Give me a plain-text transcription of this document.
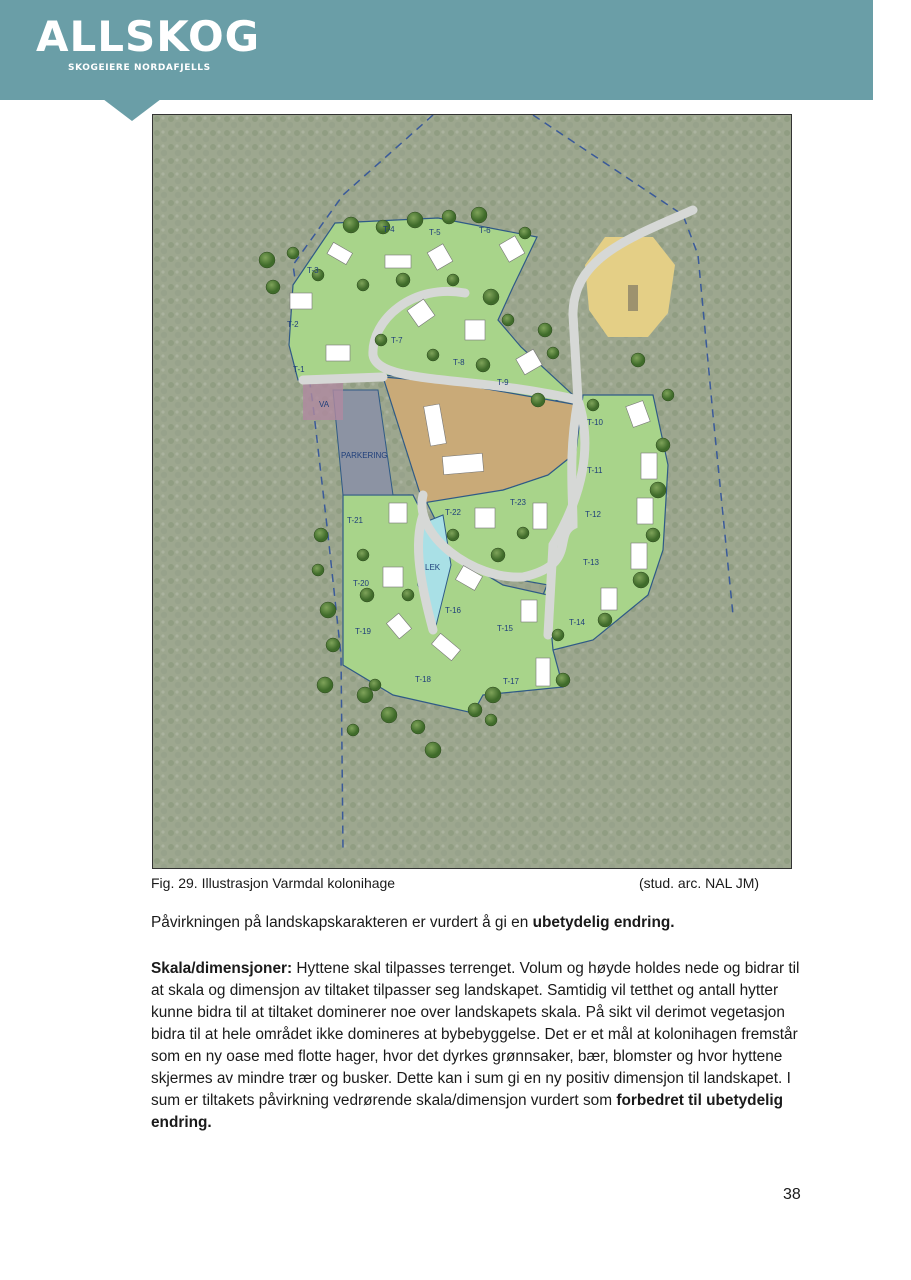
ALLSKOG
SKOGEIERE NORDAFJELLS
T-1
T-2
T-3
T-4	T-5	T-6
T-7
T-8
T-9
T-10
T-11
T-12
T-13
T-14
T-15
T-16
T-17
T-18
T-19
T-20
T-21
T-22
T-23
VA
PARKERING
LEK
Fig. 29. Illustrasjon Varmdal kolonihage	(stud. arc. NAL JM)
Påvirkningen på landskapskarakteren er vurdert å gi en ubetydelig endring.
Skala/dimensjoner: Hyttene skal tilpasses terrenget. Volum og høyde holdes nede og bidrar til at skala og dimensjon av tiltaket tilpasser seg landskapet. Samtidig vil tetthet og antall hytter kunne bidra til at tiltaket dominerer noe over landskapets skala. På sikt vil derimot vegetasjon bidra til at hele området ikke domineres at bybebyggelse. Det er et mål at kolonihagen fremstår som en ny oase med flotte hager, hvor det dyrkes grønnsaker, bær, blomster og hvor hyttene skjermes av mindre trær og busker. Dette kan i sum gi en ny positiv dimensjon til landskapet. I sum er tiltakets påvirkning vedrørende skala/dimensjon vurdert som forbedret til ubetydelig endring.
38
